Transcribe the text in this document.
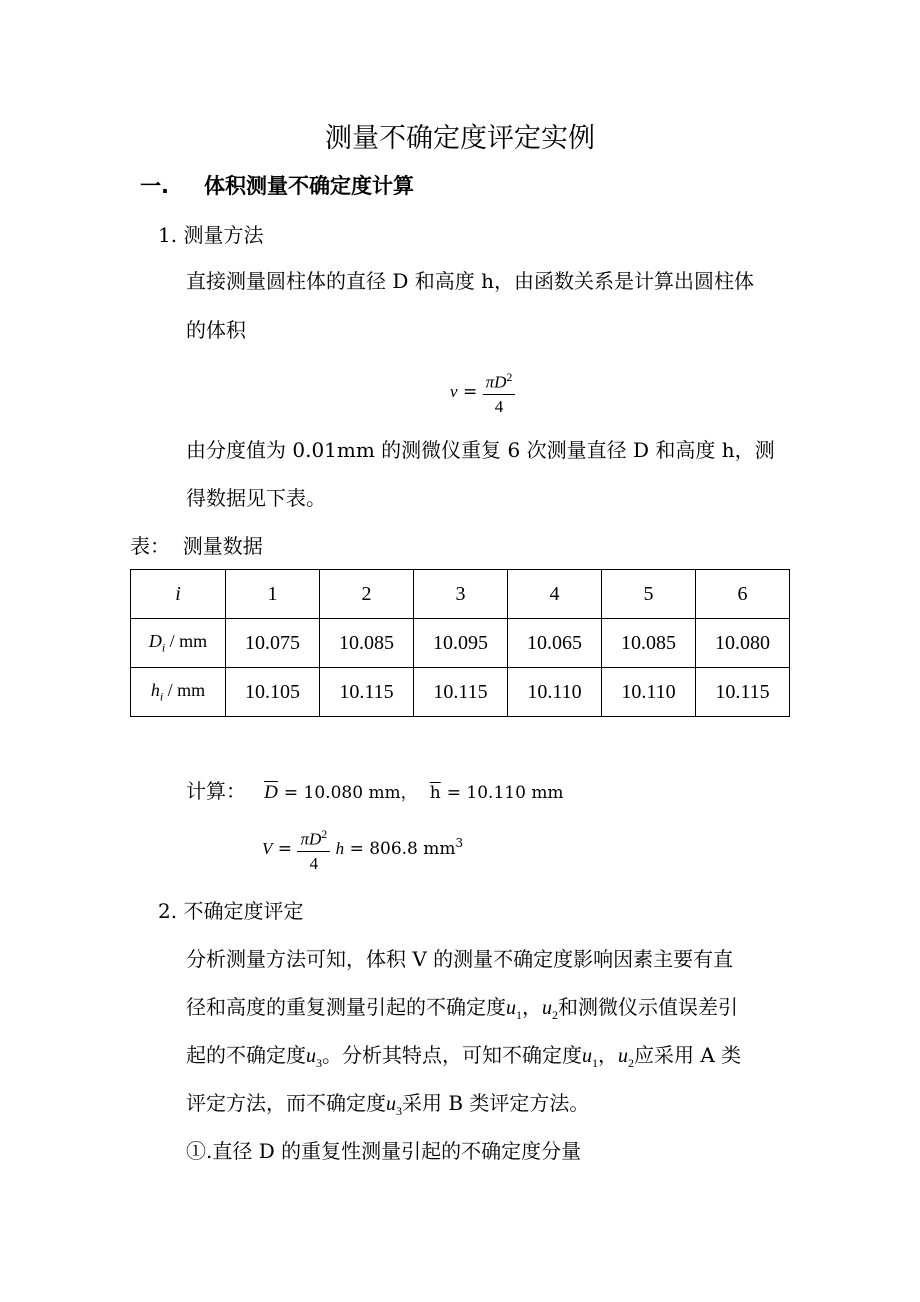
测量不确定度评定实例
一. 体积测量不确定度计算
1. 测量方法
直接测量圆柱体的直径 D 和高度 h，由函数关系是计算出圆柱体
的体积
$v = \frac{\pi D^2}{4}$
由分度值为 0.01mm 的测微仪重复 6 次测量直径 D 和高度 h，测
得数据见下表。
表： 测量数据
i	1	2	3	4	5	6
$D_i$ / mm	10.075	10.085	10.095	10.065	10.085	10.080
$h_i$ / mm	10.105	10.115	10.115	10.110	10.110	10.115
计算： $\overline{D} = 10.080$ mm， $\overline{h} = 10.110$ mm
$V = \frac{\pi D^2}{4}$ h = 806.8 $mm^3$
2. 不确定度评定
分析测量方法可知，体积 V 的测量不确定度影响因素主要有直
径和高度的重复测量引起的不确定度$u_1$，$u_2$和测微仪示值误差引
起的不确定度$u_3$。分析其特点，可知不确定度$u_1$，$u_2$应采用 A 类
评定方法，而不确定度$u_3$采用 B 类评定方法。
①.直径 D 的重复性测量引起的不确定度分量
